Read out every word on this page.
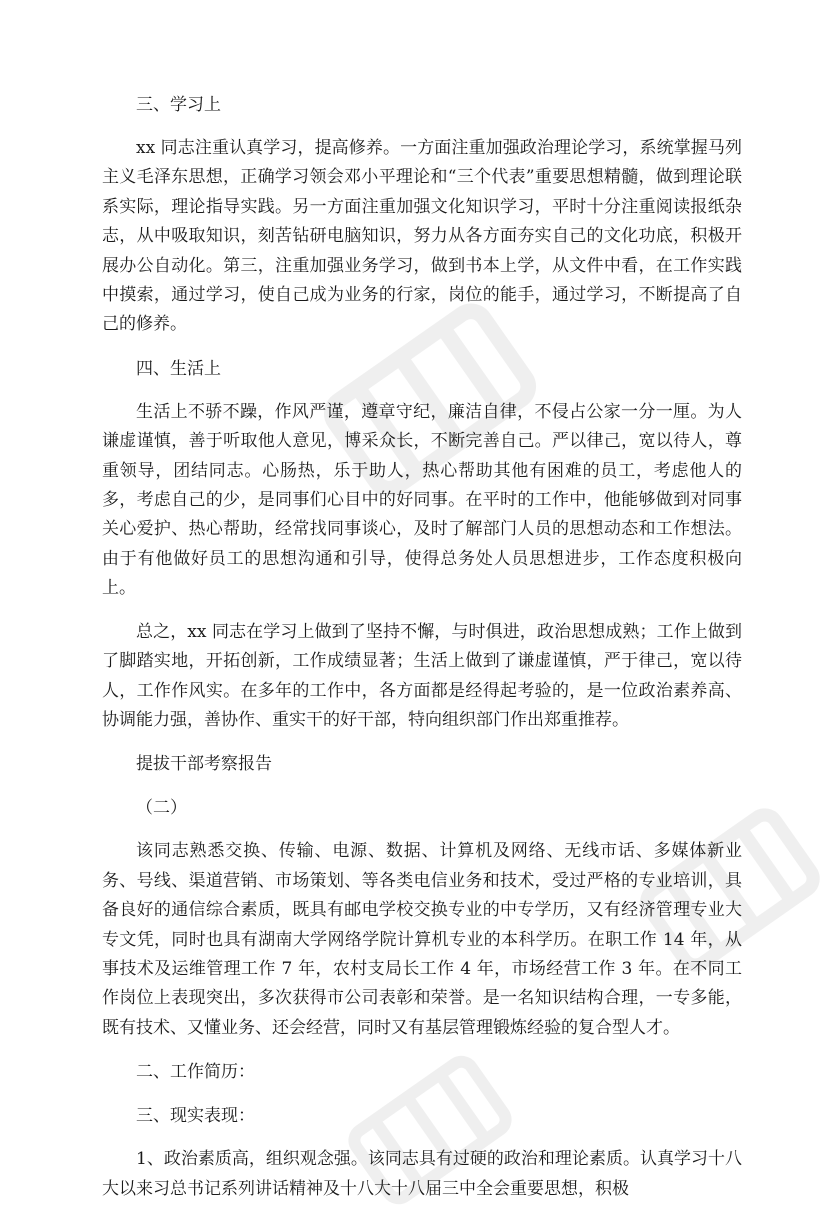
三、学习上

xx 同志注重认真学习，提高修养。一方面注重加强政治理论学习，系统掌握马列主义毛泽东思想，正确学习领会邓小平理论和“三个代表”重要思想精髓，做到理论联系实际，理论指导实践。另一方面注重加强文化知识学习，平时十分注重阅读报纸杂志，从中吸取知识，刻苦钻研电脑知识，努力从各方面夯实自己的文化功底，积极开展办公自动化。第三，注重加强业务学习，做到书本上学，从文件中看，在工作实践中摸索，通过学习，使自己成为业务的行家，岗位的能手，通过学习，不断提高了自己的修养。

四、生活上

生活上不骄不躁，作风严谨，遵章守纪，廉洁自律，不侵占公家一分一厘。为人谦虚谨慎，善于听取他人意见，博采众长，不断完善自己。严以律己，宽以待人，尊重领导，团结同志。心肠热，乐于助人，热心帮助其他有困难的员工，考虑他人的多，考虑自己的少，是同事们心目中的好同事。在平时的工作中，他能够做到对同事关心爱护、热心帮助，经常找同事谈心，及时了解部门人员的思想动态和工作想法。由于有他做好员工的思想沟通和引导，使得总务处人员思想进步，工作态度积极向上。

总之，xx 同志在学习上做到了坚持不懈，与时俱进，政治思想成熟；工作上做到了脚踏实地，开拓创新，工作成绩显著；生活上做到了谦虚谨慎，严于律己，宽以待人，工作作风实。在多年的工作中，各方面都是经得起考验的，是一位政治素养高、协调能力强，善协作、重实干的好干部，特向组织部门作出郑重推荐。

提拔干部考察报告

（二）

该同志熟悉交换、传输、电源、数据、计算机及网络、无线市话、多媒体新业务、号线、渠道营销、市场策划、等各类电信业务和技术，受过严格的专业培训，具备良好的通信综合素质，既具有邮电学校交换专业的中专学历，又有经济管理专业大专文凭，同时也具有湖南大学网络学院计算机专业的本科学历。在职工作 14 年，从事技术及运维管理工作 7 年，农村支局长工作 4 年，市场经营工作 3 年。在不同工作岗位上表现突出，多次获得市公司表彰和荣誉。是一名知识结构合理，一专多能，既有技术、又懂业务、还会经营，同时又有基层管理锻炼经验的复合型人才。

二、工作简历：

三、现实表现：

1、政治素质高，组织观念强。该同志具有过硬的政治和理论素质。认真学习十八大以来习总书记系列讲话精神及十八大十八届三中全会重要思想，积极
